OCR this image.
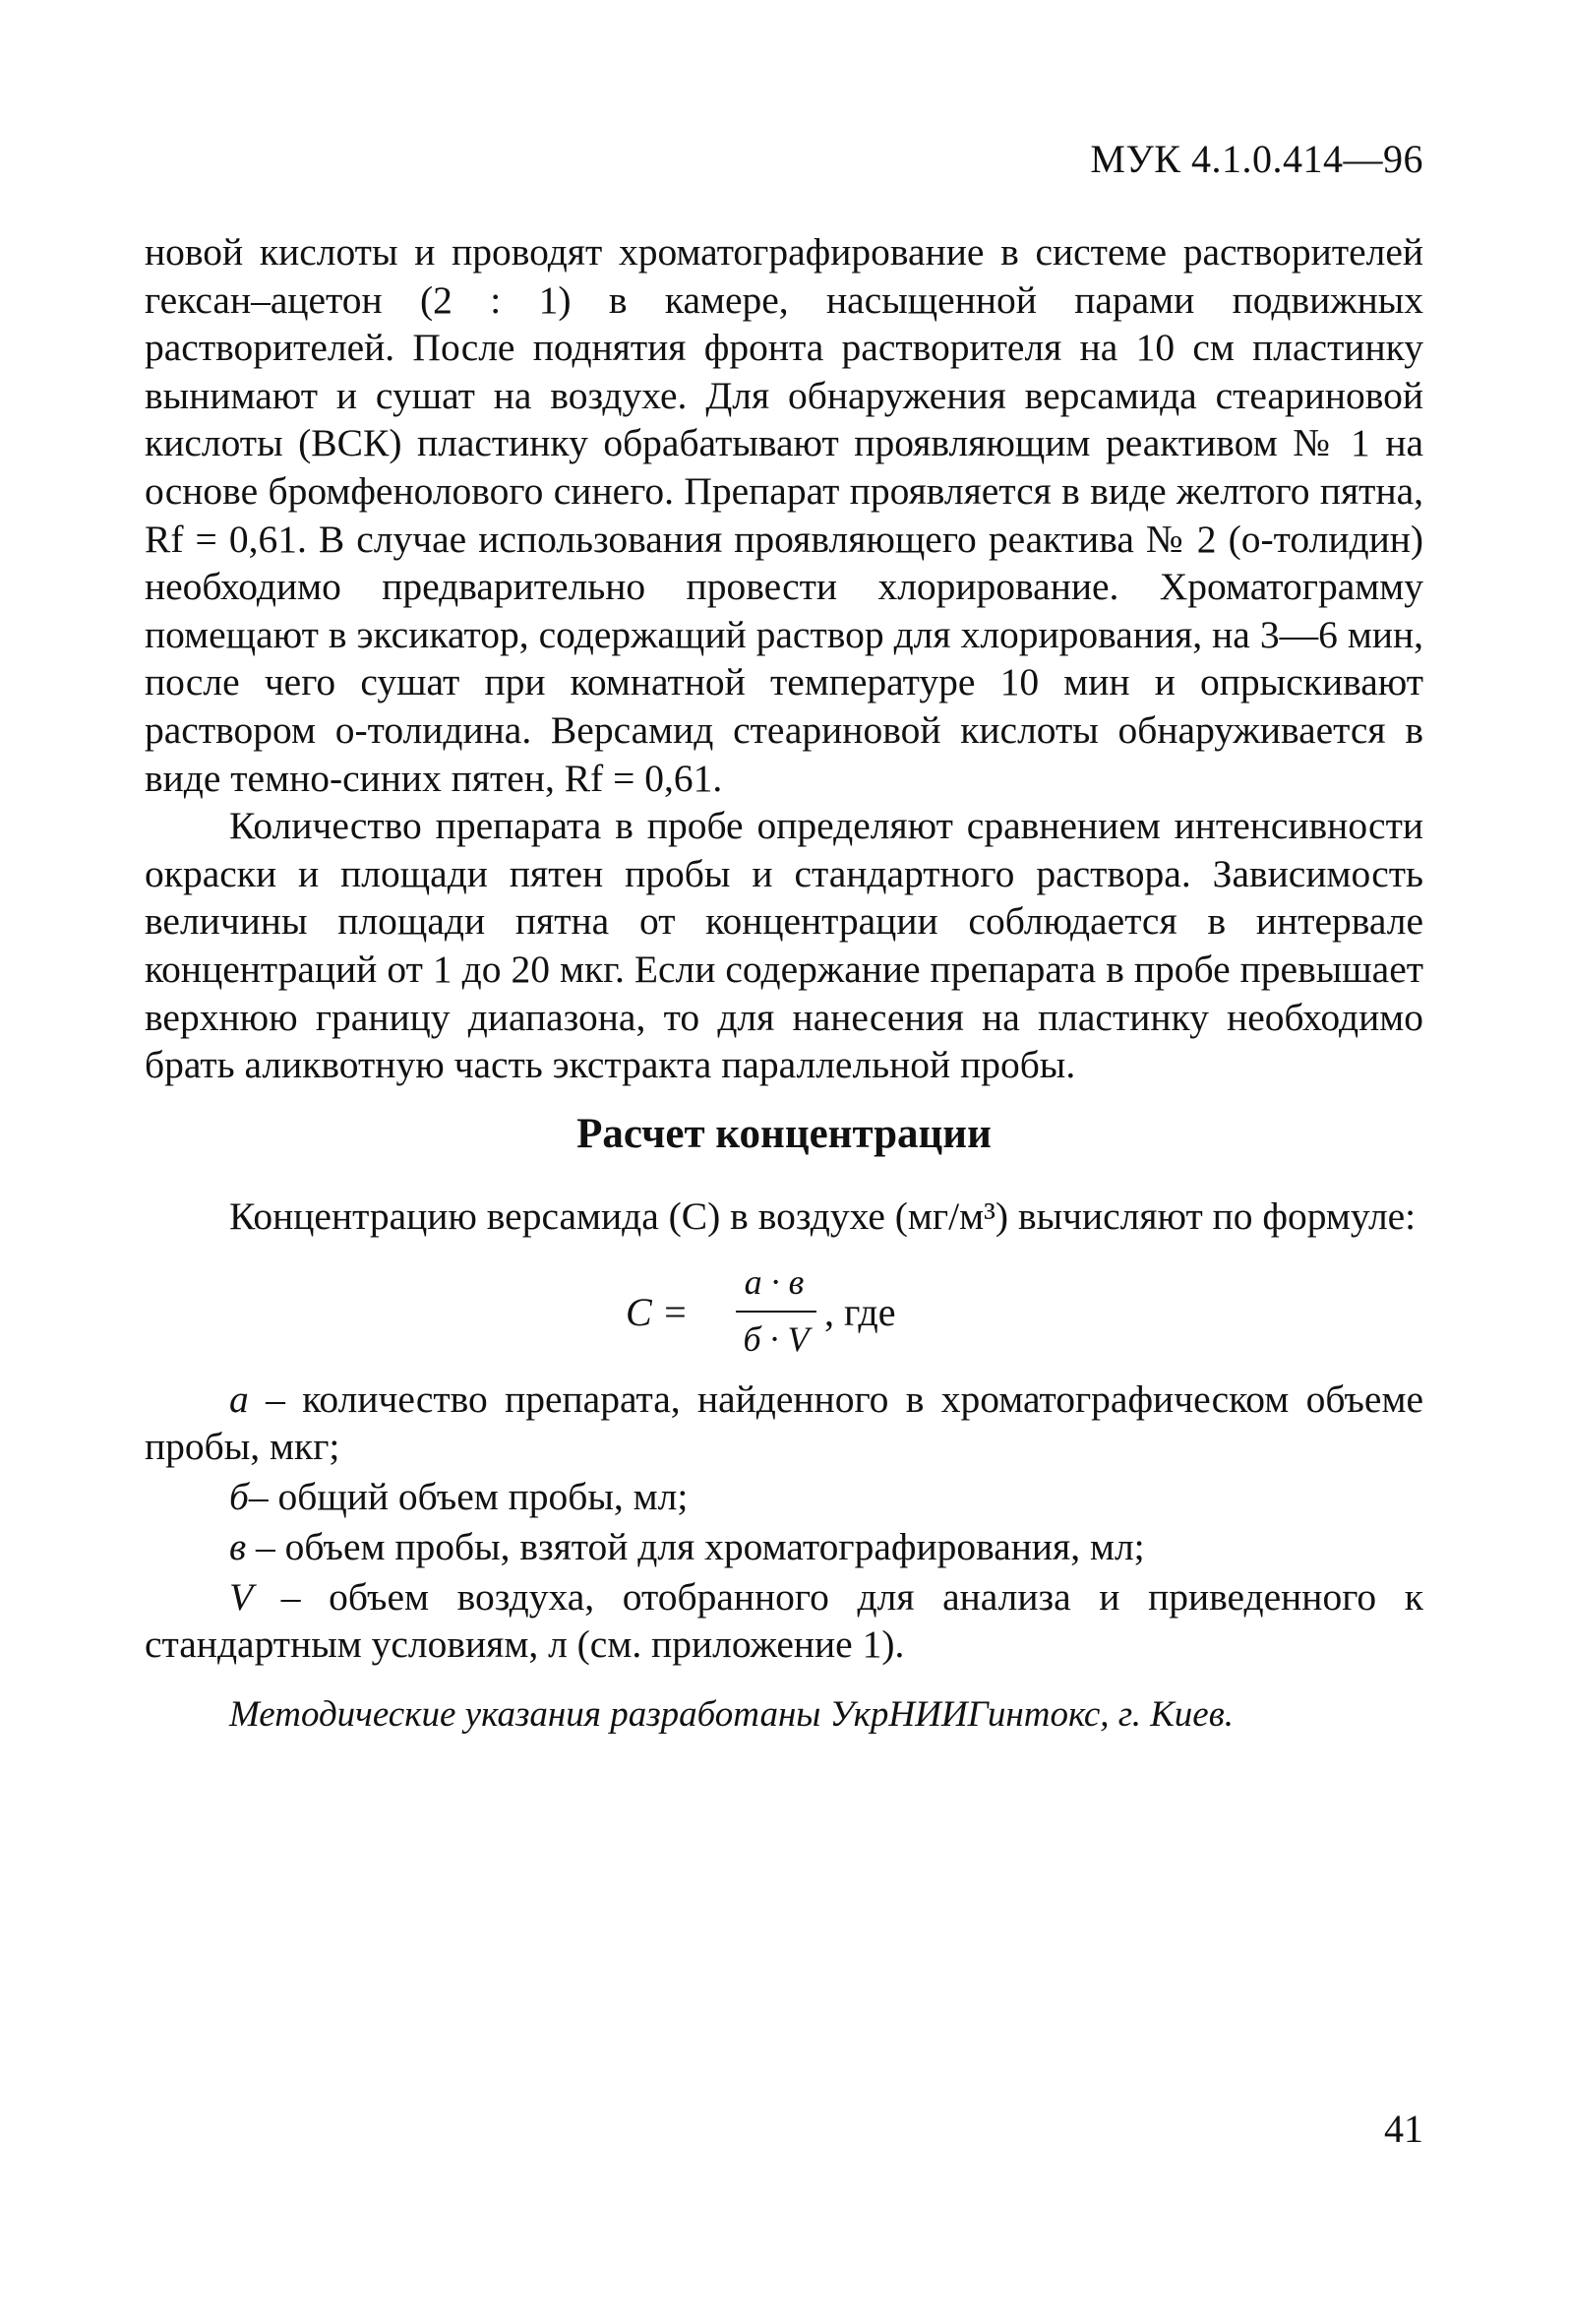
МУК 4.1.0.414—96

новой кислоты и проводят хроматографирование в системе растворителей гексан–ацетон (2 : 1) в камере, насыщенной парами подвижных растворителей. После поднятия фронта растворителя на 10 см пластинку вынимают и сушат на воздухе. Для обнаружения версамида стеариновой кислоты (ВСК) пластинку обрабатывают проявляющим реактивом № 1 на основе бромфенолового синего. Препарат проявляется в виде желтого пятна, Rf = 0,61. В случае использования проявляющего реактива № 2 (о-толидин) необходимо предварительно провести хлорирование. Хроматограмму помещают в эксикатор, содержащий раствор для хлорирования, на 3—6 мин, после чего сушат при комнатной температуре 10 мин и опрыскивают раствором о-толидина. Версамид стеариновой кислоты обнаруживается в виде темно-синих пятен, Rf = 0,61.

Количество препарата в пробе определяют сравнением интенсивности окраски и площади пятен пробы и стандартного раствора. Зависимость величины площади пятна от концентрации соблюдается в интервале концентраций от 1 до 20 мкг. Если содержание препарата в пробе превышает верхнюю границу диапазона, то для нанесения на пластинку необходимо брать аликвотную часть экстракта параллельной пробы.

Расчет концентрации
Концентрацию версамида (С) в воздухе (мг/м³) вычисляют по формуле:
С =
а · в
б · V
, где

а – количество препарата, найденного в хроматографическом объеме пробы, мкг;

б– общий объем пробы, мл;

в – объем пробы, взятой для хроматографирования, мл;

V – объем воздуха, отобранного для анализа и приведенного к стандартным условиям, л (см. приложение 1).

Методические указания разработаны УкрНИИГинтокс, г. Киев.
41
